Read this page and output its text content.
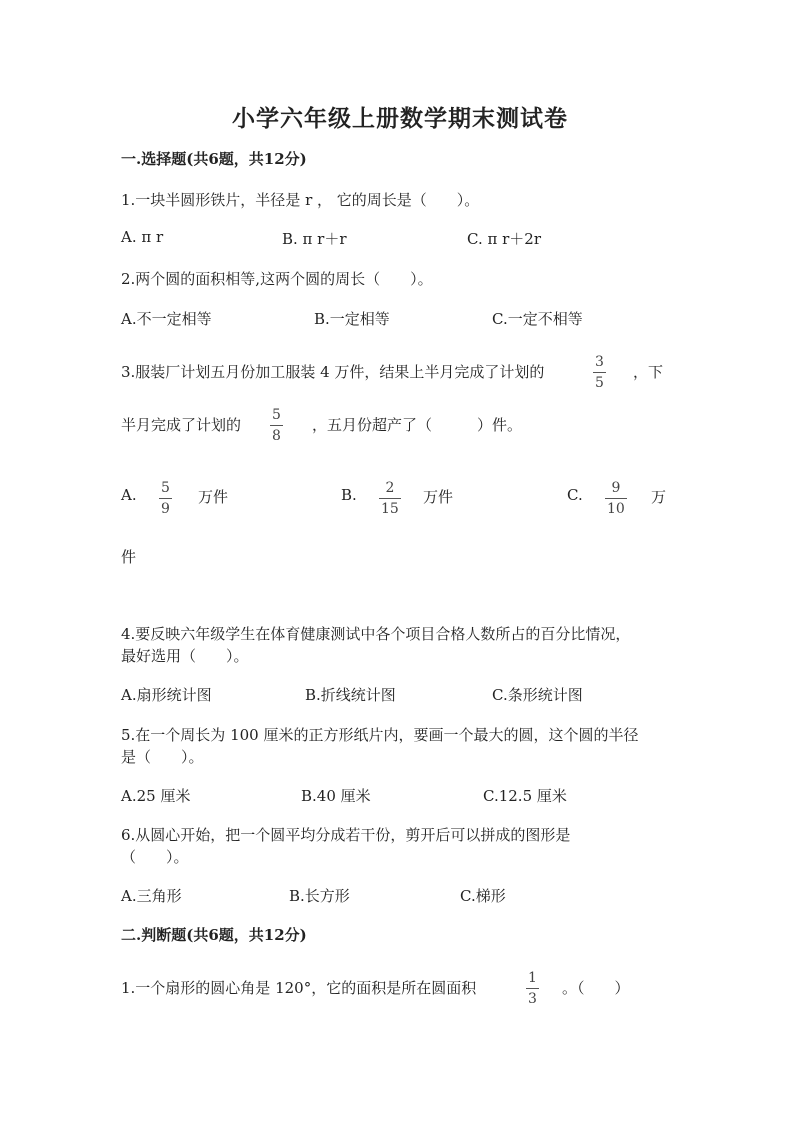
小学六年级上册数学期末测试卷
一.选择题(共6题，共12分)
1.一块半圆形铁片，半径是 r ， 它的周长是（　　）。
A. π r	B. π r＋r	C. π r＋2r
2.两个圆的面积相等,这两个圆的周长（　　）。
A.不一定相等	B.一定相等	C.一定不相等
3.服装厂计划五月份加工服装 4 万件，结果上半月完成了计划的
3
5
，下
半月完成了计划的
5
8
，五月份超产了（　　　）件。
A. 5
9
万件	B. 2
15
万件	C. 9
10
万
件
4.要反映六年级学生在体育健康测试中各个项目合格人数所占的百分比情况，
最好选用（　　）。
A.扇形统计图	B.折线统计图	C.条形统计图
5.在一个周长为 100 厘米的正方形纸片内，要画一个最大的圆，这个圆的半径
是（　　）。
A.25 厘米	B.40 厘米	C.12.5 厘米
6.从圆心开始，把一个圆平均分成若干份，剪开后可以拼成的图形是
（　　）。
A.三角形	B.长方形	C.梯形
二.判断题(共6题，共12分)
1.一个扇形的圆心角是 120°，它的面积是所在圆面积
1
3
。（　　）
